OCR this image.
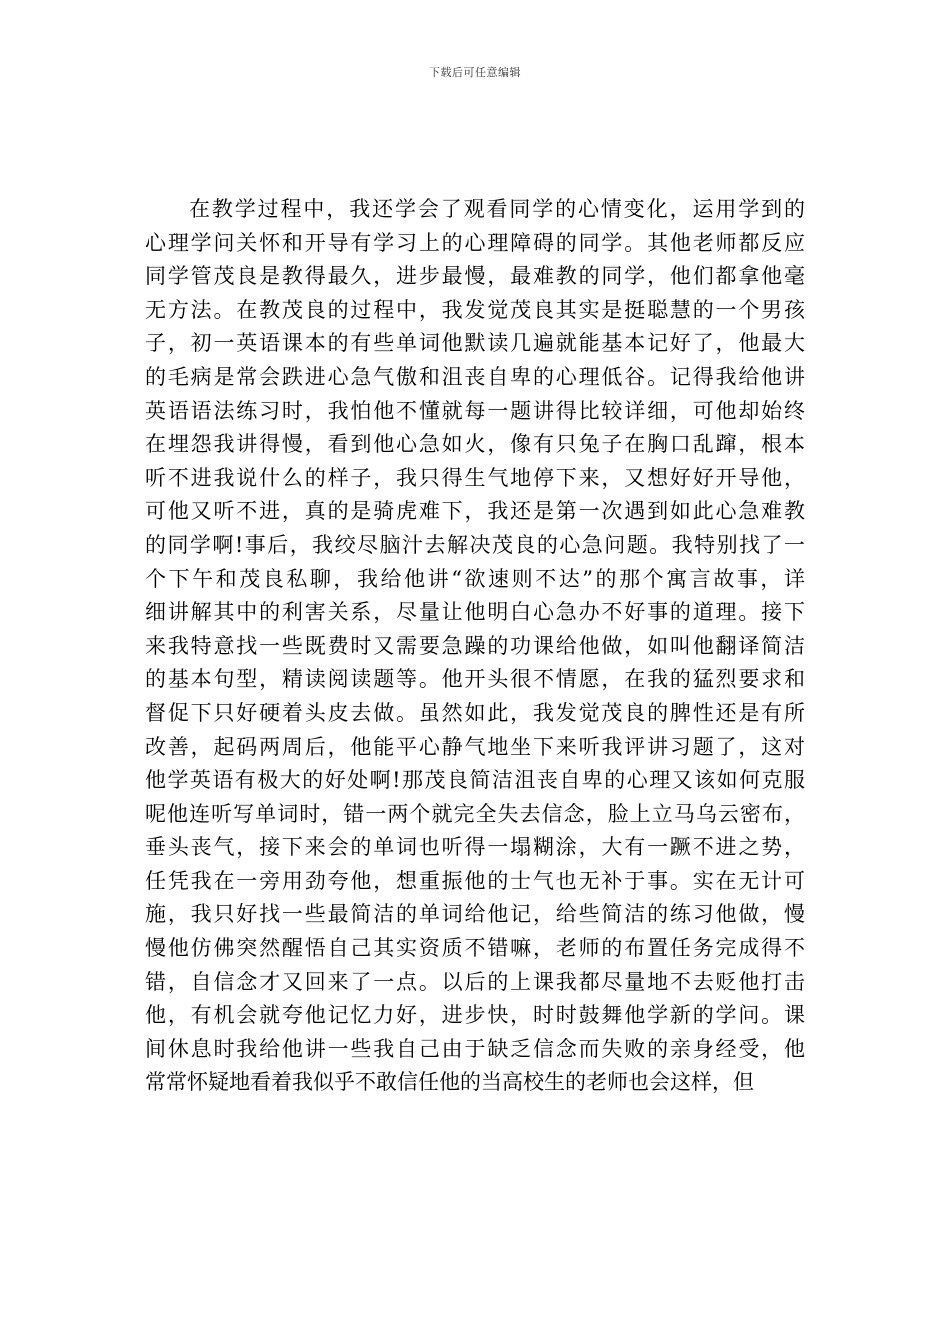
下载后可任意编辑
在教学过程中，我还学会了观看同学的心情变化，运用学到的
心理学问关怀和开导有学习上的心理障碍的同学。其他老师都反应
同学管茂良是教得最久，进步最慢，最难教的同学，他们都拿他毫
无方法。在教茂良的过程中，我发觉茂良其实是挺聪慧的一个男孩
子，初一英语课本的有些单词他默读几遍就能基本记好了，他最大
的毛病是常会跌进心急气傲和沮丧自卑的心理低谷。记得我给他讲
英语语法练习时，我怕他不懂就每一题讲得比较详细，可他却始终
在埋怨我讲得慢，看到他心急如火，像有只兔子在胸口乱蹿，根本
听不进我说什么的样子，我只得生气地停下来，又想好好开导他，
可他又听不进，真的是骑虎难下，我还是第一次遇到如此心急难教
的同学啊!事后，我绞尽脑汁去解决茂良的心急问题。我特别找了一
个下午和茂良私聊，我给他讲“欲速则不达”的那个寓言故事，详
细讲解其中的利害关系，尽量让他明白心急办不好事的道理。接下
来我特意找一些既费时又需要急躁的功课给他做，如叫他翻译简洁
的基本句型，精读阅读题等。他开头很不情愿，在我的猛烈要求和
督促下只好硬着头皮去做。虽然如此，我发觉茂良的脾性还是有所
改善，起码两周后，他能平心静气地坐下来听我评讲习题了，这对
他学英语有极大的好处啊!那茂良简洁沮丧自卑的心理又该如何克服
呢他连听写单词时，错一两个就完全失去信念，脸上立马乌云密布，
垂头丧气，接下来会的单词也听得一塌糊涂，大有一蹶不进之势，
任凭我在一旁用劲夸他，想重振他的士气也无补于事。实在无计可
施，我只好找一些最简洁的单词给他记，给些简洁的练习他做，慢
慢他仿佛突然醒悟自己其实资质不错嘛，老师的布置任务完成得不
错，自信念才又回来了一点。以后的上课我都尽量地不去贬他打击
他，有机会就夸他记忆力好，进步快，时时鼓舞他学新的学问。课
间休息时我给他讲一些我自己由于缺乏信念而失败的亲身经受，他
常常怀疑地看着我似乎不敢信任他的当高校生的老师也会这样，但
